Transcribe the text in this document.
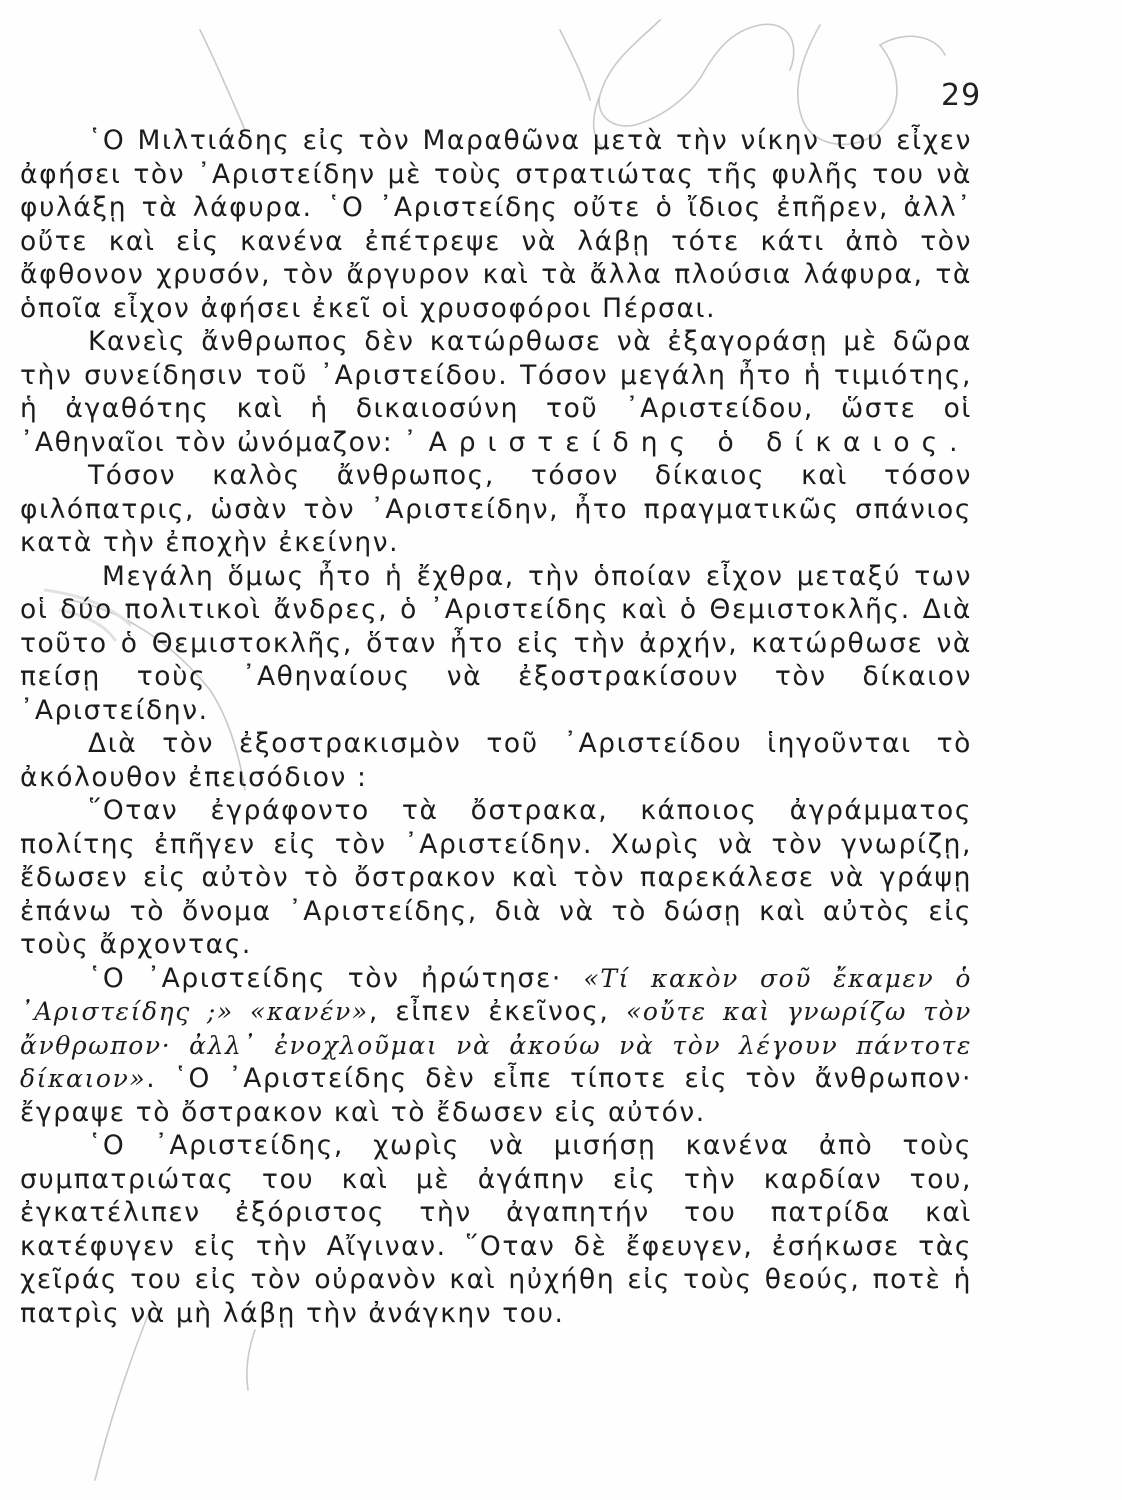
29

῾Ο Μιλτιάδης εἰς τὸν Μαραθῶνα μετὰ τὴν νίκην του εἶχεν ἀφήσει τὸν ᾿Αριστείδην μὲ τοὺς στρατιώτας τῆς φυλῆς του νὰ φυλάξῃ τὰ λάφυρα. ῾Ο ᾿Αριστείδης οὔτε ὁ ἴδιος ἐπῆρεν, ἀλλ᾿ οὔτε καὶ εἰς κανένα ἐπέτρεψε νὰ λάβῃ τότε κάτι ἀπὸ τὸν ἄφθονον χρυσόν, τὸν ἄργυρον καὶ τὰ ἄλλα πλούσια λάφυρα, τὰ ὁποῖα εἶχον ἀφήσει ἐκεῖ οἱ χρυσοφόροι Πέρσαι.

Κανεὶς ἄνθρωπος δὲν κατώρθωσε νὰ ἐξαγοράσῃ μὲ δῶρα τὴν συνείδησιν τοῦ ᾿Αριστείδου. Τόσον μεγάλη ἦτο ἡ τιμιότης, ἡ ἀγαθότης καὶ ἡ δικαιοσύνη τοῦ ᾿Αριστείδου, ὥστε οἱ ᾿Αθηναῖοι τὸν ὠνόμαζον: ᾿Αριστείδης ὁ δίκαιος.

Τόσον καλὸς ἄνθρωπος, τόσον δίκαιος καὶ τόσον φιλόπατρις, ὡσὰν τὸν ᾿Αριστείδην, ἦτο πραγματικῶς σπάνιος κατὰ τὴν ἐποχὴν ἐκείνην.

Μεγάλη ὅμως ἦτο ἡ ἔχθρα, τὴν ὁποίαν εἶχον μεταξύ των οἱ δύο πολιτικοὶ ἄνδρες, ὁ ᾿Αριστείδης καὶ ὁ Θεμιστοκλῆς. Διὰ τοῦτο ὁ Θεμιστοκλῆς, ὅταν ἦτο εἰς τὴν ἀρχήν, κατώρθωσε νὰ πείσῃ τοὺς ᾿Αθηναίους νὰ ἐξοστρακίσουν τὸν δίκαιον ᾿Αριστείδην.

Διὰ τὸν ἐξοστρακισμὸν τοῦ ᾿Αριστείδου ἱηγοῦνται τὸ ἀκόλουθον ἐπεισόδιον :

῞Οταν ἐγράφοντο τὰ ὄστρακα, κάποιος ἀγράμματος πολίτης ἐπῆγεν εἰς τὸν ᾿Αριστείδην. Χωρὶς νὰ τὸν γνωρίζῃ, ἔδωσεν εἰς αὐτὸν τὸ ὄστρακον καὶ τὸν παρεκάλεσε νὰ γράψῃ ἐπάνω τὸ ὄνομα ᾿Αριστείδης, διὰ νὰ τὸ δώσῃ καὶ αὐτὸς εἰς τοὺς ἄρχοντας.

῾Ο ᾿Αριστείδης τὸν ἠρώτησε· «Τί κακὸν σοῦ ἔκαμεν ὁ ᾿Αριστείδης ;» «κανέν», εἶπεν ἐκεῖνος, «οὔτε καὶ γνωρίζω τὸν ἄνθρωπον· ἀλλ᾿ ἐνοχλοῦμαι νὰ ἀκούω νὰ τὸν λέγουν πάντοτε δίκαιον». ῾Ο ᾿Αριστείδης δὲν εἶπε τίποτε εἰς τὸν ἄνθρωπον· ἔγραψε τὸ ὄστρακον καὶ τὸ ἔδωσεν εἰς αὐτόν.

῾Ο ᾿Αριστείδης, χωρὶς νὰ μισήσῃ κανένα ἀπὸ τοὺς συμπατριώτας του καὶ μὲ ἀγάπην εἰς τὴν καρδίαν του, ἐγκατέλιπεν ἐξόριστος τὴν ἀγαπητήν του πατρίδα καὶ κατέφυγεν εἰς τὴν Αἴγιναν. ῞Οταν δὲ ἔφευγεν, ἐσήκωσε τὰς χεῖράς του εἰς τὸν οὐρανὸν καὶ ηὐχήθη εἰς τοὺς θεούς, ποτὲ ἡ πατρὶς νὰ μὴ λάβῃ τὴν ἀνάγκην του.
